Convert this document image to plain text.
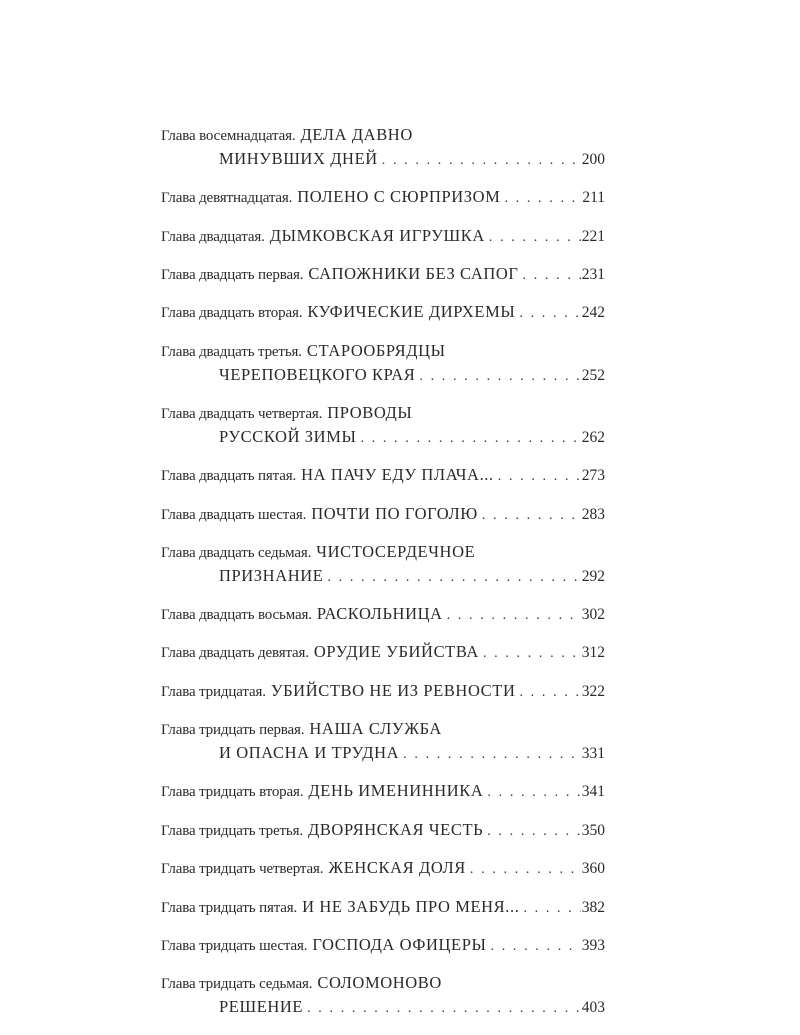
Глава восемнадцатая. ДЕЛА ДАВНО
МИНУВШИХ ДНЕЙ . . .	200
Глава девятнадцатая. ПОЛЕНО С СЮРПРИЗОМ . . .	211
Глава двадцатая. ДЫМКОВСКАЯ ИГРУШКА . . .	221
Глава двадцать первая. САПОЖНИКИ БЕЗ САПОГ . . .	231
Глава двадцать вторая. КУФИЧЕСКИЕ ДИРХЕМЫ . . .	242
Глава двадцать третья. СТАРООБРЯДЦЫ
ЧЕРЕПОВЕЦКОГО КРАЯ . . .	252
Глава двадцать четвертая. ПРОВОДЫ
РУССКОЙ ЗИМЫ . . .	262
Глава двадцать пятая. НА ПАЧУ ЕДУ ПЛАЧА... . . .	273
Глава двадцать шестая. ПОЧТИ ПО ГОГОЛЮ . . .	283
Глава двадцать седьмая. ЧИСТОСЕРДЕЧНОЕ
ПРИЗНАНИЕ . . .	292
Глава двадцать восьмая. РАСКОЛЬНИЦА . . .	302
Глава двадцать девятая. ОРУДИЕ УБИЙСТВА . . .	312
Глава тридцатая. УБИЙСТВО НЕ ИЗ РЕВНОСТИ . . .	322
Глава тридцать первая. НАША СЛУЖБА
И ОПАСНА И ТРУДНА . . .	331
Глава тридцать вторая. ДЕНЬ ИМЕНИННИКА . . .	341
Глава тридцать третья. ДВОРЯНСКАЯ ЧЕСТЬ . . .	350
Глава тридцать четвертая. ЖЕНСКАЯ ДОЛЯ . . .	360
Глава тридцать пятая. И НЕ ЗАБУДЬ ПРО МЕНЯ... . . .	382
Глава тридцать шестая. ГОСПОДА ОФИЦЕРЫ . . .	393
Глава тридцать седьмая. СОЛОМОНОВО
РЕШЕНИЕ . . .	403
